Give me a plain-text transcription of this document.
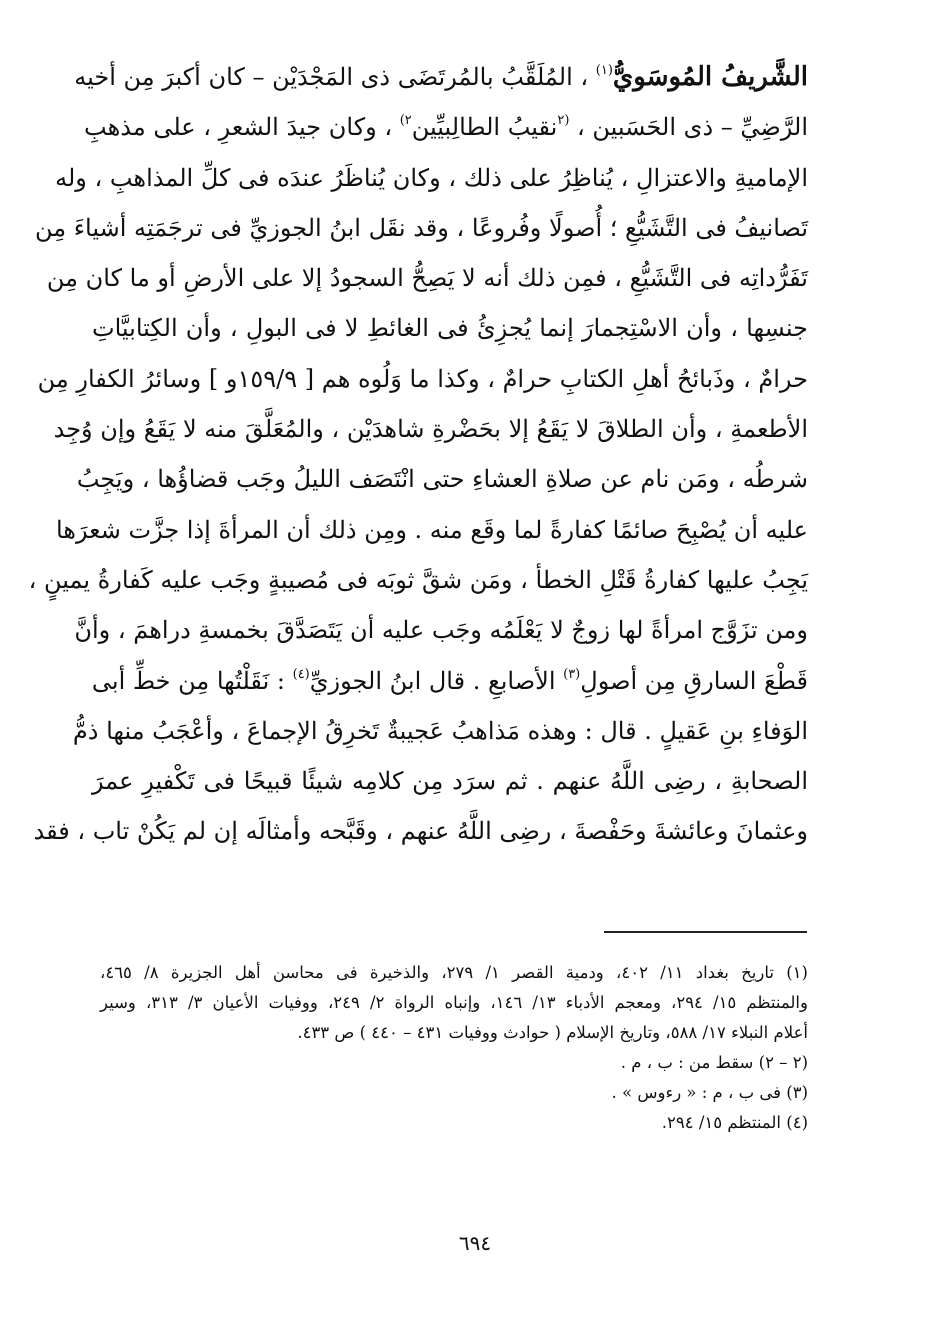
الشَّريفُ المُوسَويُّ$^{(١)}$ ، المُلَقَّبُ بالمُرتَضَى ذى المَجْدَيْن – كان أكبرَ مِن أخيه
الرَّضِيِّ – ذى الحَسَبين ، $^{(٢}$نقيبُ الطالِبيِّين$^{٢)}$ ، وكان جيدَ الشعرِ ، على مذهبِ
الإماميةِ والاعتزالِ ، يُناظِرُ على ذلك ، وكان يُناظَرُ عندَه فى كلِّ المذاهبِ ، وله
تَصانيفُ فى التَّشَيُّعِ ؛ أُصولًا وفُروعًا ، وقد نقَل ابنُ الجوزيِّ فى ترجَمَتِه أشياءَ مِن
تَفَرُّداتِه فى التَّشَيُّعِ ، فمِن ذلك أنه لا يَصِحُّ السجودُ إلا على الأرضِ أو ما كان مِن
جنسِها ، وأن الاسْتِجمارَ إنما يُجزِئُ فى الغائطِ لا فى البولِ ، وأن الكِتابيَّاتِ
حرامٌ ، وذَبائحُ أهلِ الكتابِ حرامٌ ، وكذا ما وَلُوه هم [ ٩/‏١٥٩و ] وسائرُ الكفارِ مِن
الأطعمةِ ، وأن الطلاقَ لا يَقَعُ إلا بحَضْرةِ شاهدَيْن ، والمُعَلَّقَ منه لا يَقَعُ وإن وُجِد
شرطُه ، ومَن نام عن صلاةِ العشاءِ حتى انْتَصَف الليلُ وجَب قضاؤُها ، ويَجِبُ
عليه أن يُصْبِحَ صائمًا كفارةً لما وقَع منه . ومِن ذلك أن المرأةَ إذا جزَّت شعرَها
يَجِبُ عليها كفارةُ قَتْلِ الخطأ ، ومَن شقَّ ثوبَه فى مُصيبةٍ وجَب عليه كَفارةُ يمينٍ ،
ومن تزَوَّج امرأةً لها زوجٌ لا يَعْلَمُه وجَب عليه أن يَتَصَدَّقَ بخمسةِ دراهمَ ، وأنَّ
قَطْعَ السارقِ مِن أصولِ$^{(٣)}$ الأصابعِ . قال ابنُ الجوزيِّ$^{(٤)}$ : نَقَلْتُها مِن خطِّ أبى
الوَفاءِ بنِ عَقيلٍ . قال : وهذه مَذاهبُ عَجيبةٌ تَخرِقُ الإجماعَ ، وأعْجَبُ منها ذمُّ
الصحابةِ ، رضِى اللَّهُ عنهم . ثم سرَد مِن كلامِه شيئًا قبيحًا فى تَكْفيرِ عمرَ
وعثمانَ وعائشةَ وحَفْصةَ ، رضِى اللَّهُ عنهم ، وقَبَّحه وأمثالَه إن لم يَكُنْ تاب ، فقد
(١) تاريخ بغداد ١١/ ٤٠٢، ودمية القصر ١/ ٢٧٩، والذخيرة فى محاسن أهل الجزيرة ٨/ ٤٦٥،
والمنتظم ١٥/ ٢٩٤، ومعجم الأدباء ١٣/ ١٤٦، وإنباه الرواة ٢/ ٢٤٩، ووفيات الأعيان ٣/ ٣١٣، وسير
أعلام النبلاء ١٧/ ٥٨٨، وتاريخ الإسلام ( حوادث ووفيات ٤٣١ – ٤٤٠ ) ص ٤٣٣.
(٢ – ٢) سقط من : ب ، م .
(٣) فى ب ، م : « رءوس » .
(٤) المنتظم ١٥/ ٢٩٤.
٦٩٤
